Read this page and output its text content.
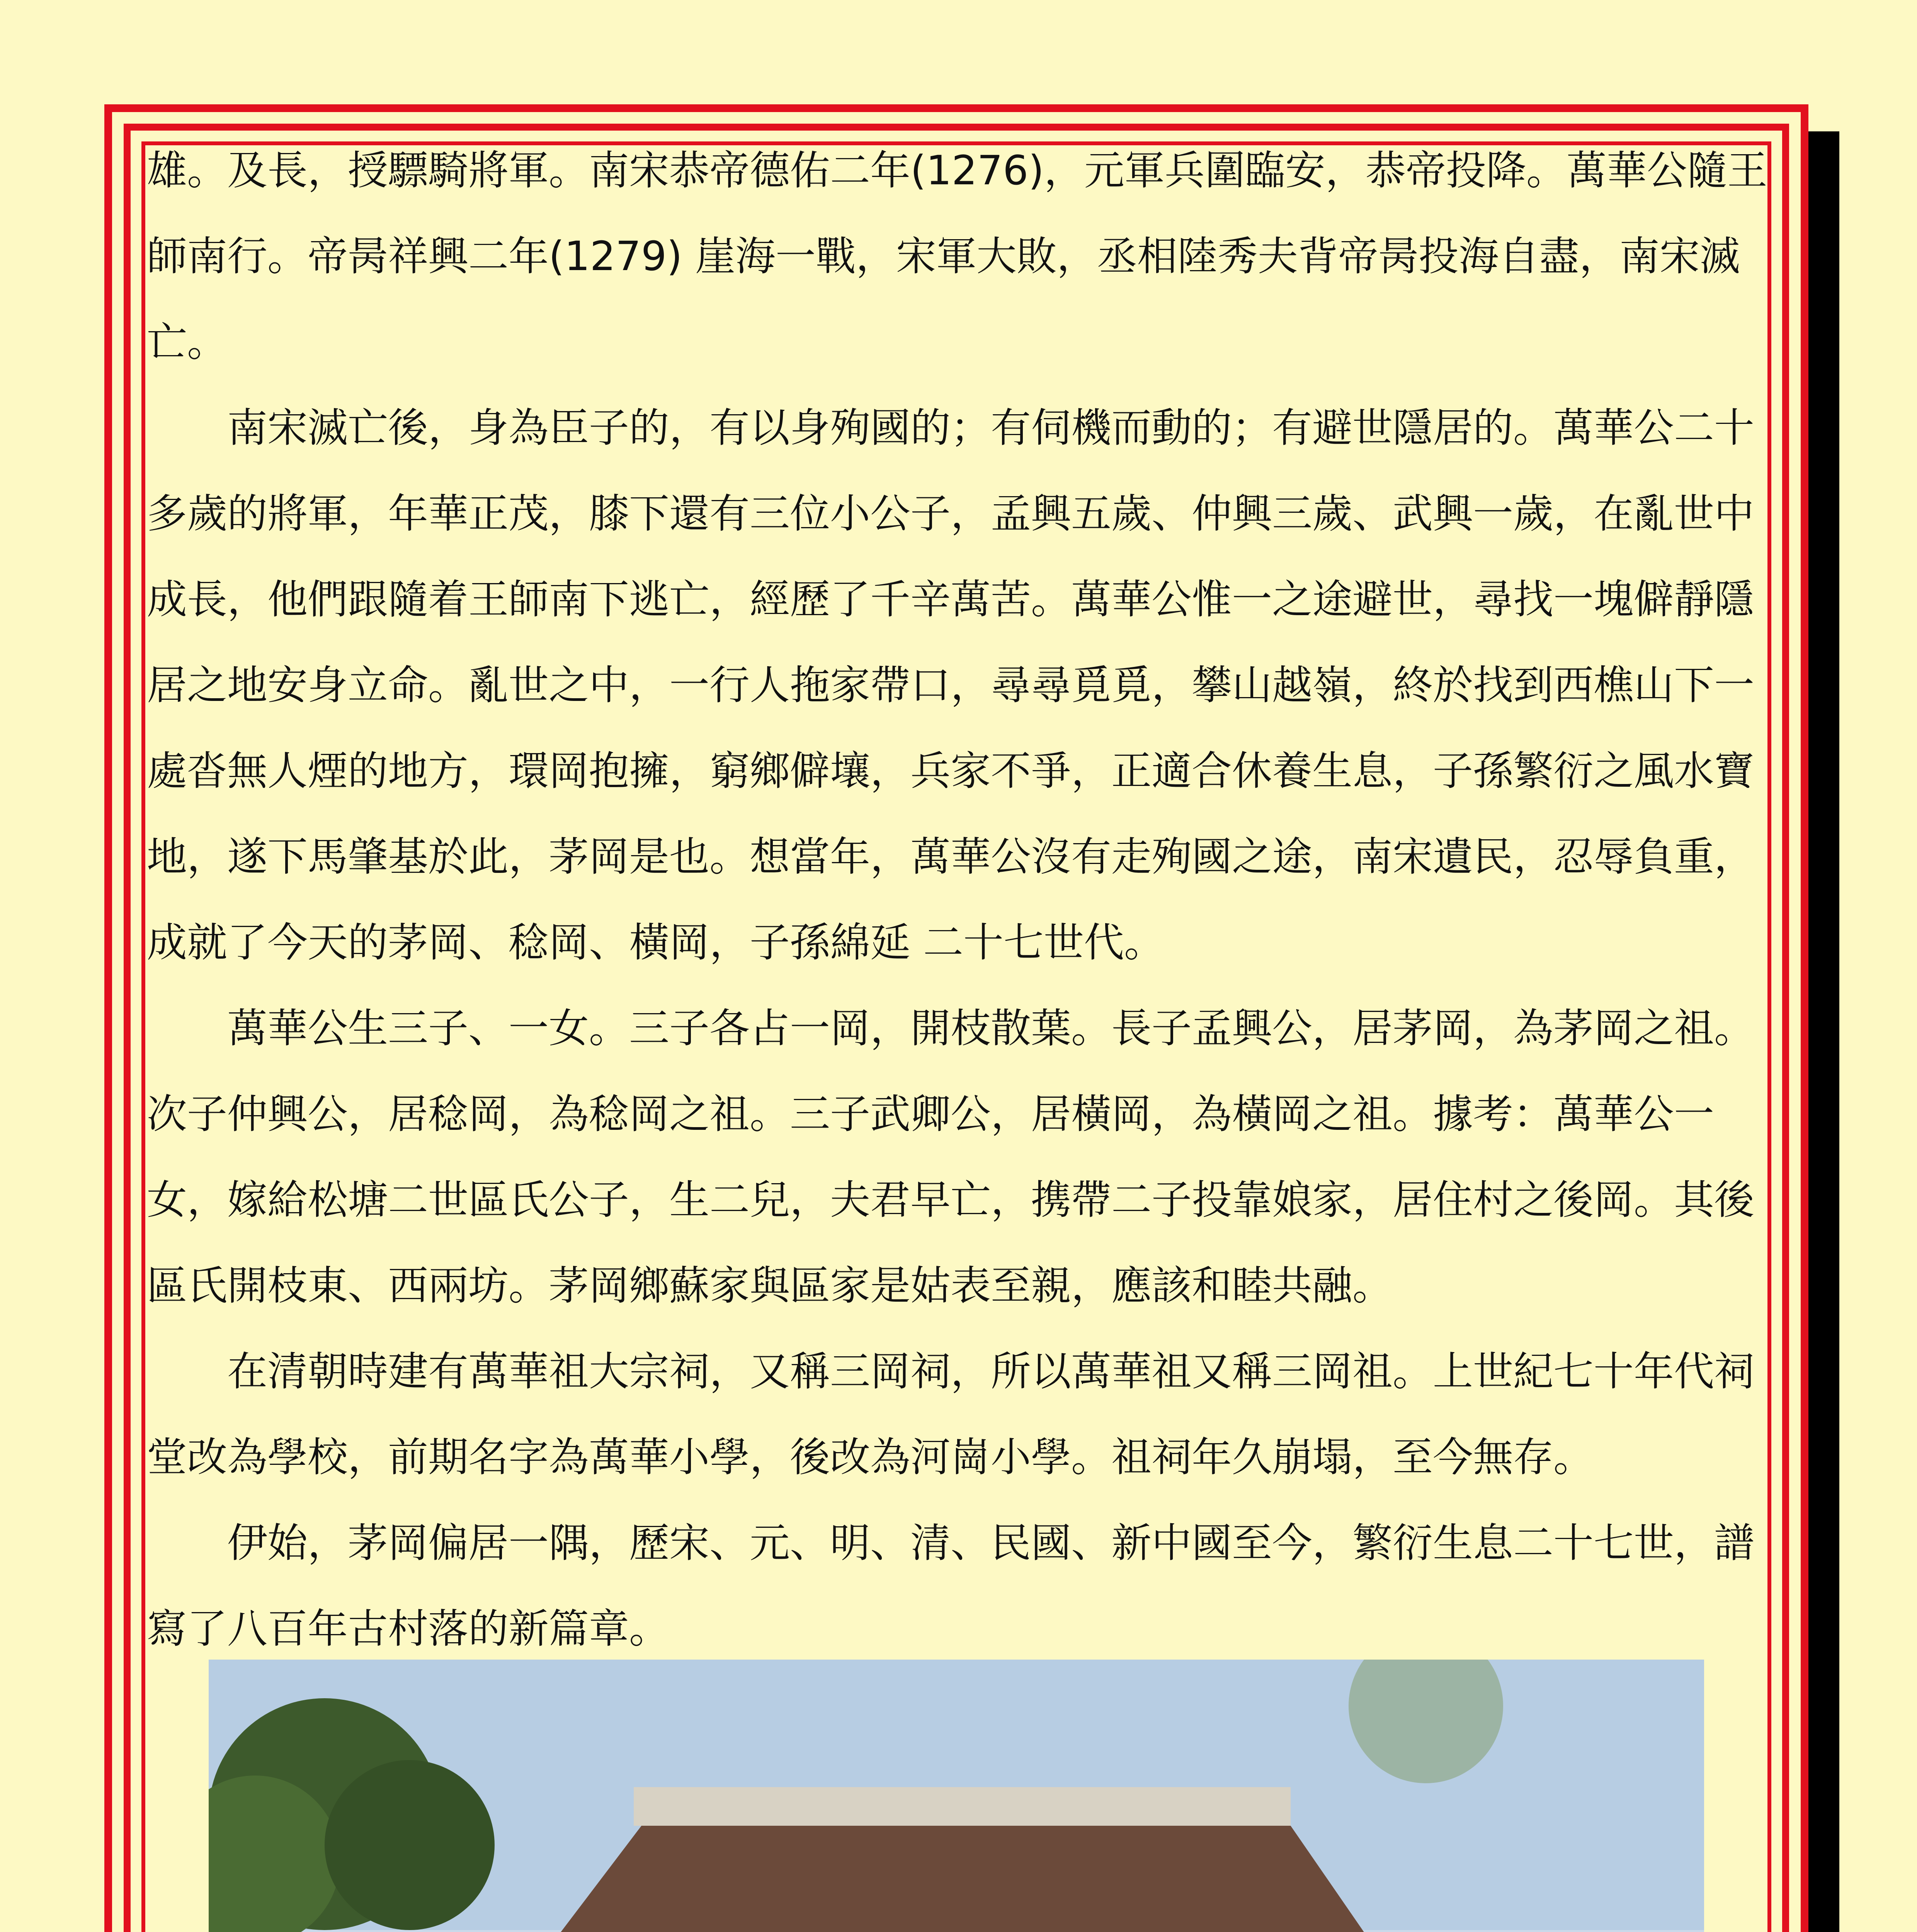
雄。及長，授驃騎將軍。南宋恭帝德佑二年(1276)，元軍兵圍臨安，恭帝投降。萬華公隨王師南行。帝昺祥興二年(1279) 崖海一戰，宋軍大敗，丞相陸秀夫背帝昺投海自盡，南宋滅亡。

南宋滅亡後，身為臣子的，有以身殉國的；有伺機而動的；有避世隱居的。萬華公二十多歲的將軍，年華正茂，膝下還有三位小公子，孟興五歲、仲興三歲、武興一歲，在亂世中成長，他們跟隨着王師南下逃亡，經歷了千辛萬苦。萬華公惟一之途避世，尋找一塊僻靜隱居之地安身立命。亂世之中，一行人拖家帶口，尋尋覓覓，攀山越嶺，終於找到西樵山下一處沓無人煙的地方，環岡抱擁，窮鄉僻壤，兵家不爭，正適合休養生息，子孫繁衍之風水寶地，遂下馬肇基於此，茅岡是也。想當年，萬華公沒有走殉國之途，南宋遺民，忍辱負重，成就了今天的茅岡、稔岡、橫岡，子孫綿延 二十七世代。

萬華公生三子、一女。三子各占一岡，開枝散葉。長子孟興公，居茅岡，為茅岡之祖。次子仲興公，居稔岡，為稔岡之祖。三子武卿公，居橫岡，為橫岡之祖。據考：萬華公一女，嫁給松塘二世區氏公子，生二兒，夫君早亡，携帶二子投靠娘家，居住村之後岡。其後區氏開枝東、西兩坊。茅岡鄉蘇家與區家是姑表至親，應該和睦共融。

在清朝時建有萬華祖大宗祠，又稱三岡祠，所以萬華祖又稱三岡祖。上世紀七十年代祠堂改為學校，前期名字為萬華小學，後改為河崗小學。祖祠年久崩塌，至今無存。

伊始，茅岡偏居一隅，歷宋、元、明、清、民國、新中國至今，繁衍生息二十七世，譜寫了八百年古村落的新篇章。
